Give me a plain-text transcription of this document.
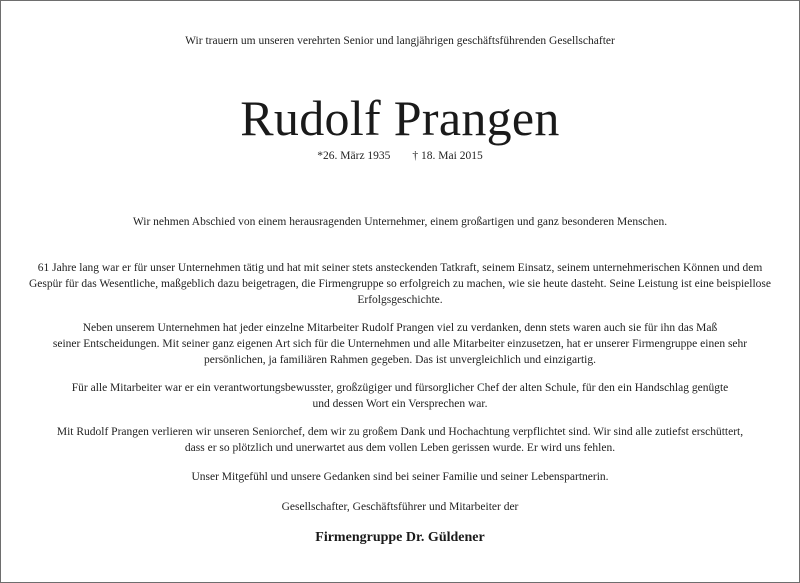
Wir trauern um unseren verehrten Senior und langjährigen geschäftsführenden Gesellschafter
Rudolf Prangen
*26. März 1935 † 18. Mai 2015
Wir nehmen Abschied von einem herausragenden Unternehmer, einem großartigen und ganz besonderen Menschen.
61 Jahre lang war er für unser Unternehmen tätig und hat mit seiner stets ansteckenden Tatkraft, seinem Einsatz, seinem unternehmerischen Können und dem
Gespür für das Wesentliche, maßgeblich dazu beigetragen, die Firmengruppe so erfolgreich zu machen, wie sie heute dasteht. Seine Leistung ist eine beispiellose
Erfolgsgeschichte.
Neben unserem Unternehmen hat jeder einzelne Mitarbeiter Rudolf Prangen viel zu verdanken, denn stets waren auch sie für ihn das Maß
seiner Entscheidungen. Mit seiner ganz eigenen Art sich für die Unternehmen und alle Mitarbeiter einzusetzen, hat er unserer Firmengruppe einen sehr
persönlichen, ja familiären Rahmen gegeben. Das ist unvergleichlich und einzigartig.
Für alle Mitarbeiter war er ein verantwortungsbewusster, großzügiger und fürsorglicher Chef der alten Schule, für den ein Handschlag genügte
und dessen Wort ein Versprechen war.
Mit Rudolf Prangen verlieren wir unseren Seniorchef, dem wir zu großem Dank und Hochachtung verpflichtet sind. Wir sind alle zutiefst erschüttert,
dass er so plötzlich und unerwartet aus dem vollen Leben gerissen wurde. Er wird uns fehlen.
Unser Mitgefühl und unsere Gedanken sind bei seiner Familie und seiner Lebenspartnerin.
Gesellschafter, Geschäftsführer und Mitarbeiter der
Firmengruppe Dr. Güldener
